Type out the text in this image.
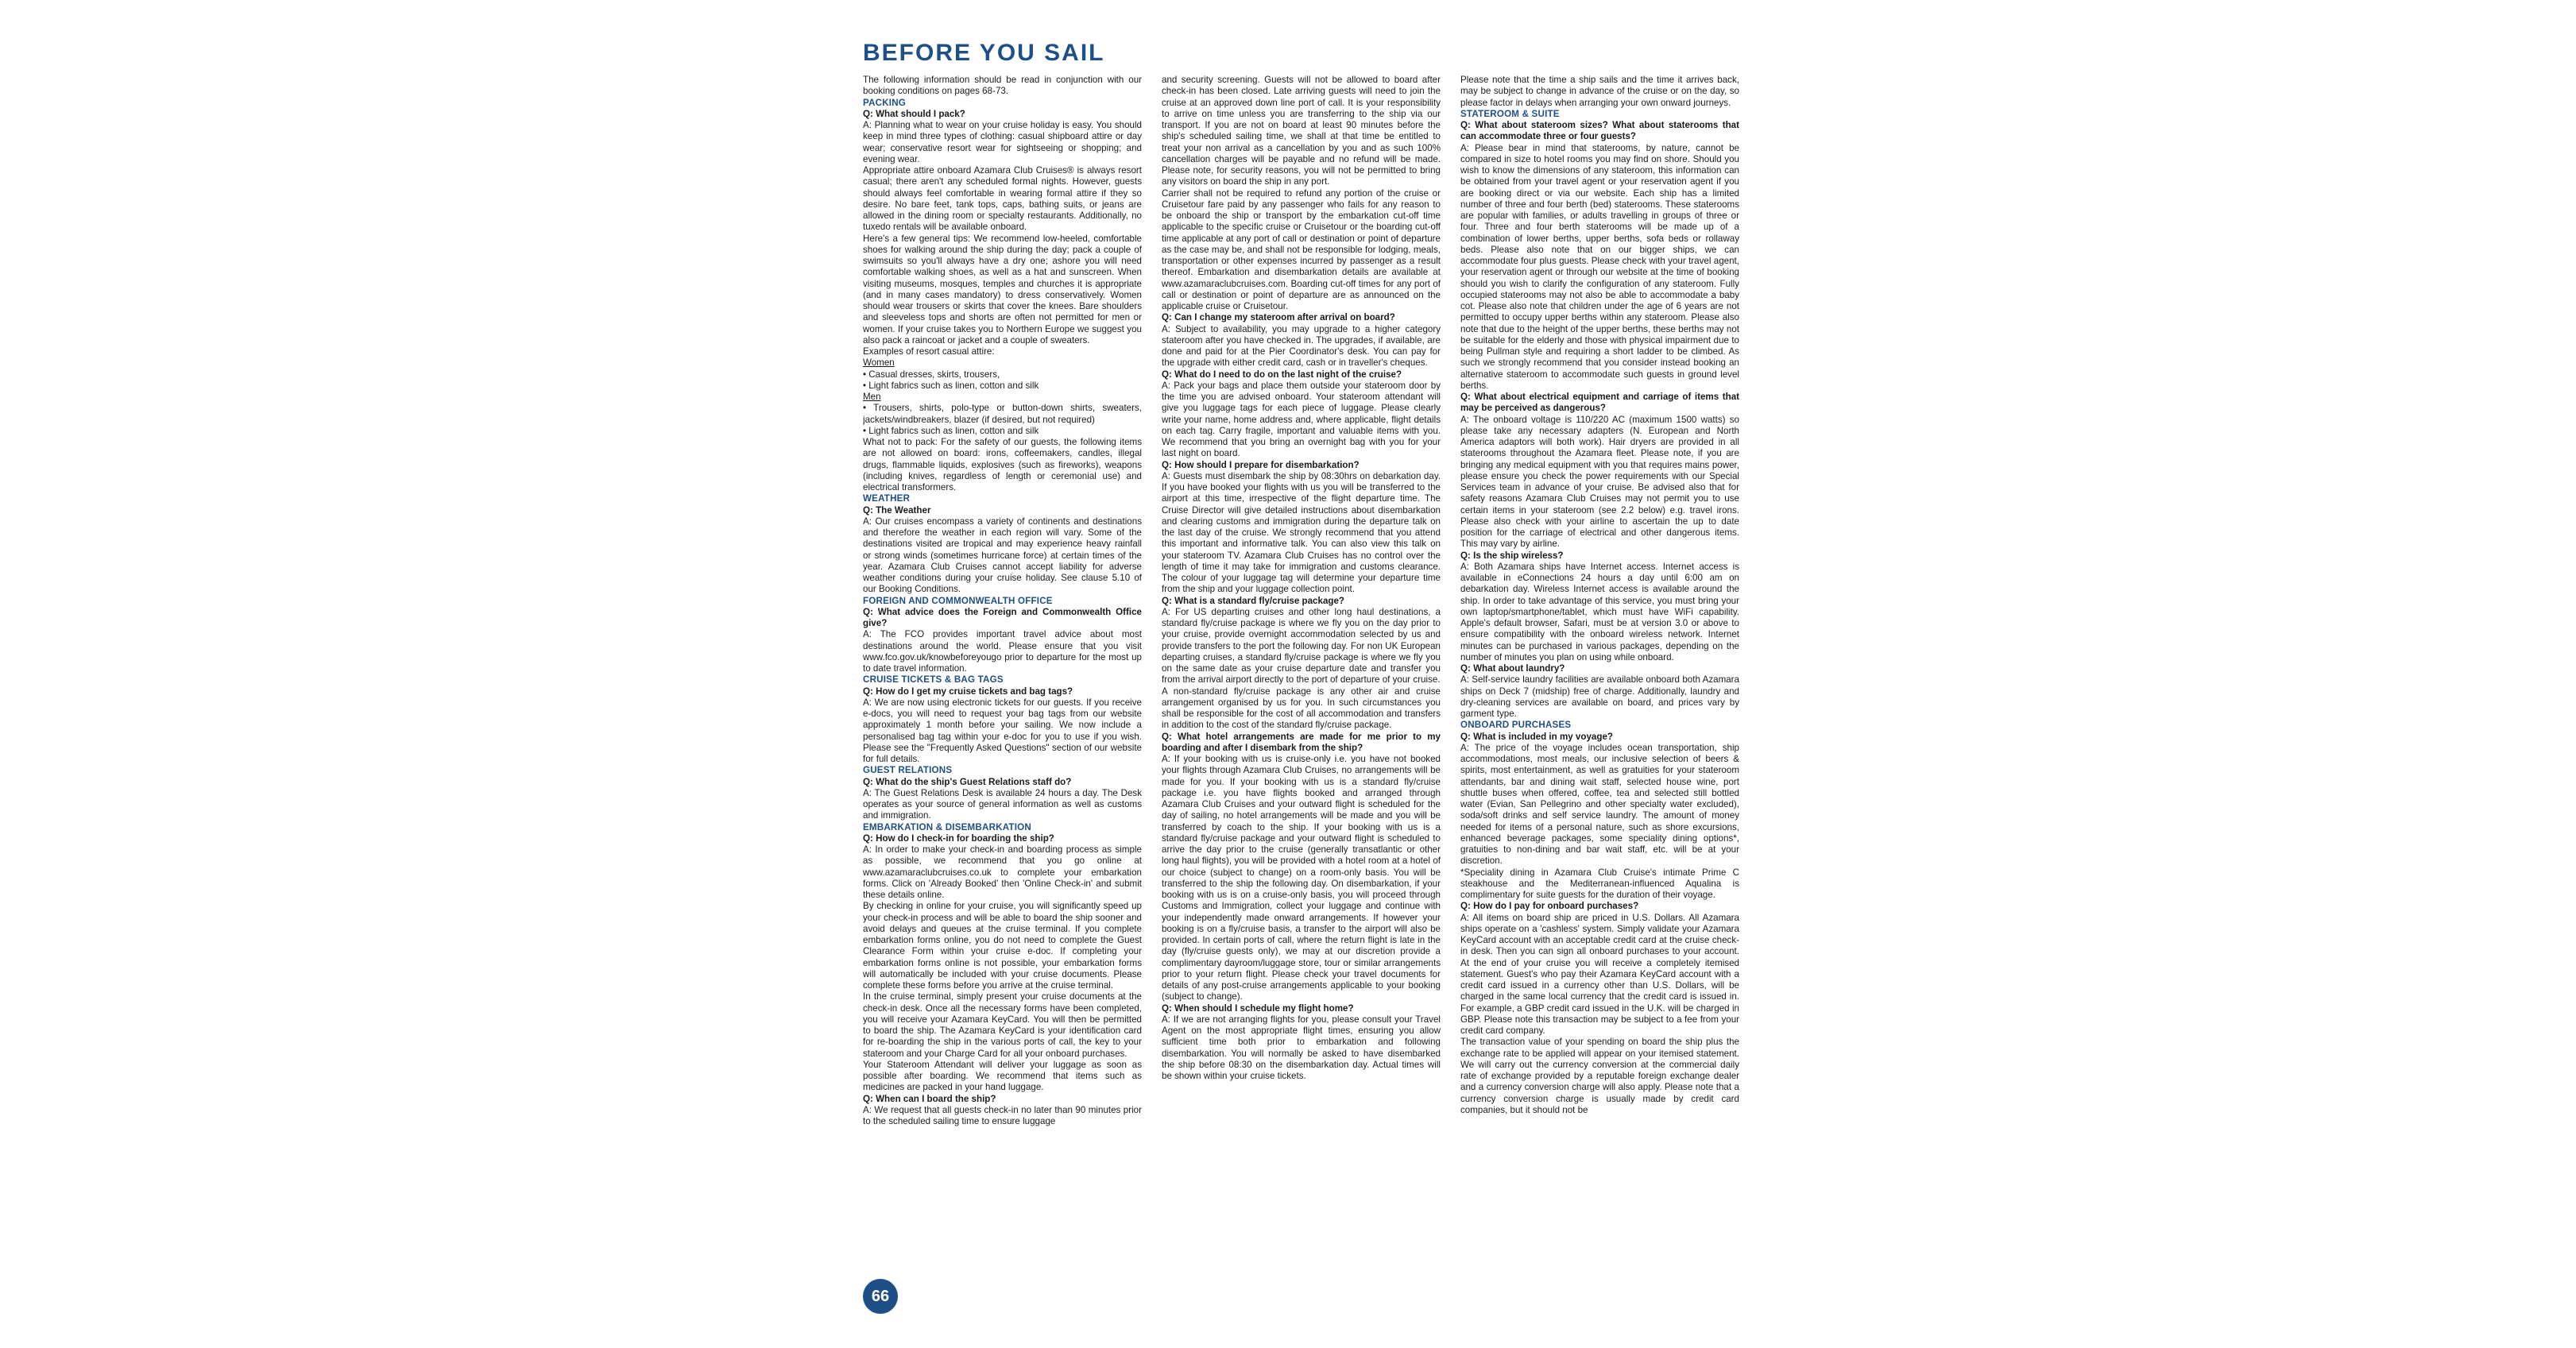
BEFORE YOU SAIL

The following information should be read in conjunction with our booking conditions on pages 68-73.

PACKING

Q: What should I pack?

A: Planning what to wear on your cruise holiday is easy. You should keep in mind three types of clothing: casual shipboard attire or day wear; conservative resort wear for sightseeing or shopping; and evening wear.

Appropriate attire onboard Azamara Club Cruises® is always resort casual; there aren't any scheduled formal nights. However, guests should always feel comfortable in wearing formal attire if they so desire. No bare feet, tank tops, caps, bathing suits, or jeans are allowed in the dining room or specialty restaurants. Additionally, no tuxedo rentals will be available onboard.

Here's a few general tips: We recommend low-heeled, comfortable shoes for walking around the ship during the day; pack a couple of swimsuits so you'll always have a dry one; ashore you will need comfortable walking shoes, as well as a hat and sunscreen. When visiting museums, mosques, temples and churches it is appropriate (and in many cases mandatory) to dress conservatively. Women should wear trousers or skirts that cover the knees. Bare shoulders and sleeveless tops and shorts are often not permitted for men or women. If your cruise takes you to Northern Europe we suggest you also pack a raincoat or jacket and a couple of sweaters.

Examples of resort casual attire:

Women

• Casual dresses, skirts, trousers,

• Light fabrics such as linen, cotton and silk

Men

• Trousers, shirts, polo-type or button-down shirts, sweaters, jackets/windbreakers, blazer (if desired, but not required)

• Light fabrics such as linen, cotton and silk

What not to pack: For the safety of our guests, the following items are not allowed on board: irons, coffeemakers, candles, illegal drugs, flammable liquids, explosives (such as fireworks), weapons (including knives, regardless of length or ceremonial use) and electrical transformers.

WEATHER

Q: The Weather

A: Our cruises encompass a variety of continents and destinations and therefore the weather in each region will vary. Some of the destinations visited are tropical and may experience heavy rainfall or strong winds (sometimes hurricane force) at certain times of the year. Azamara Club Cruises cannot accept liability for adverse weather conditions during your cruise holiday. See clause 5.10 of our Booking Conditions.

FOREIGN AND COMMONWEALTH OFFICE

Q: What advice does the Foreign and Commonwealth Office give?

A: The FCO provides important travel advice about most destinations around the world. Please ensure that you visit www.fco.gov.uk/knowbeforeyougo prior to departure for the most up to date travel information.

CRUISE TICKETS & BAG TAGS

Q: How do I get my cruise tickets and bag tags?

A: We are now using electronic tickets for our guests. If you receive e-docs, you will need to request your bag tags from our website approximately 1 month before your sailing. We now include a personalised bag tag within your e-doc for you to use if you wish. Please see the "Frequently Asked Questions" section of our website for full details.

GUEST RELATIONS

Q: What do the ship's Guest Relations staff do?

A: The Guest Relations Desk is available 24 hours a day. The Desk operates as your source of general information as well as customs and immigration.

EMBARKATION & DISEMBARKATION

Q: How do I check-in for boarding the ship?

A: In order to make your check-in and boarding process as simple as possible, we recommend that you go online at www.azamaraclubcruises.co.uk to complete your embarkation forms. Click on 'Already Booked' then 'Online Check-in' and submit these details online.

By checking in online for your cruise, you will significantly speed up your check-in process and will be able to board the ship sooner and avoid delays and queues at the cruise terminal. If you complete embarkation forms online, you do not need to complete the Guest Clearance Form within your cruise e-doc. If completing your embarkation forms online is not possible, your embarkation forms will automatically be included with your cruise documents. Please complete these forms before you arrive at the cruise terminal.

In the cruise terminal, simply present your cruise documents at the check-in desk. Once all the necessary forms have been completed, you will receive your Azamara KeyCard. You will then be permitted to board the ship. The Azamara KeyCard is your identification card for re-boarding the ship in the various ports of call, the key to your stateroom and your Charge Card for all your onboard purchases.

Your Stateroom Attendant will deliver your luggage as soon as possible after boarding. We recommend that items such as medicines are packed in your hand luggage.

Q: When can I board the ship?

A: We request that all guests check-in no later than 90 minutes prior to the scheduled sailing time to ensure luggage

and security screening. Guests will not be allowed to board after check-in has been closed. Late arriving guests will need to join the cruise at an approved down line port of call. It is your responsibility to arrive on time unless you are transferring to the ship via our transport. If you are not on board at least 90 minutes before the ship's scheduled sailing time, we shall at that time be entitled to treat your non arrival as a cancellation by you and as such 100% cancellation charges will be payable and no refund will be made. Please note, for security reasons, you will not be permitted to bring any visitors on board the ship in any port.

Carrier shall not be required to refund any portion of the cruise or Cruisetour fare paid by any passenger who fails for any reason to be onboard the ship or transport by the embarkation cut-off time applicable to the specific cruise or Cruisetour or the boarding cut-off time applicable at any port of call or destination or point of departure as the case may be, and shall not be responsible for lodging, meals, transportation or other expenses incurred by passenger as a result thereof. Embarkation and disembarkation details are available at www.azamaraclubcruises.com. Boarding cut-off times for any port of call or destination or point of departure are as announced on the applicable cruise or Cruisetour.

Q: Can I change my stateroom after arrival on board?

A: Subject to availability, you may upgrade to a higher category stateroom after you have checked in. The upgrades, if available, are done and paid for at the Pier Coordinator's desk. You can pay for the upgrade with either credit card, cash or in traveller's cheques.

Q: What do I need to do on the last night of the cruise?

A: Pack your bags and place them outside your stateroom door by the time you are advised onboard. Your stateroom attendant will give you luggage tags for each piece of luggage. Please clearly write your name, home address and, where applicable, flight details on each tag. Carry fragile, important and valuable items with you. We recommend that you bring an overnight bag with you for your last night on board.

Q: How should I prepare for disembarkation?

A: Guests must disembark the ship by 08:30hrs on debarkation day. If you have booked your flights with us you will be transferred to the airport at this time, irrespective of the flight departure time. The Cruise Director will give detailed instructions about disembarkation and clearing customs and immigration during the departure talk on the last day of the cruise. We strongly recommend that you attend this important and informative talk. You can also view this talk on your stateroom TV. Azamara Club Cruises has no control over the length of time it may take for immigration and customs clearance. The colour of your luggage tag will determine your departure time from the ship and your luggage collection point.

Q: What is a standard fly/cruise package?

A: For US departing cruises and other long haul destinations, a standard fly/cruise package is where we fly you on the day prior to your cruise, provide overnight accommodation selected by us and provide transfers to the port the following day. For non UK European departing cruises, a standard fly/cruise package is where we fly you on the same date as your cruise departure date and transfer you from the arrival airport directly to the port of departure of your cruise.

A non-standard fly/cruise package is any other air and cruise arrangement organised by us for you. In such circumstances you shall be responsible for the cost of all accommodation and transfers in addition to the cost of the standard fly/cruise package.

Q: What hotel arrangements are made for me prior to my boarding and after I disembark from the ship?

A: If your booking with us is cruise-only i.e. you have not booked your flights through Azamara Club Cruises, no arrangements will be made for you. If your booking with us is a standard fly/cruise package i.e. you have flights booked and arranged through Azamara Club Cruises and your outward flight is scheduled for the day of sailing, no hotel arrangements will be made and you will be transferred by coach to the ship. If your booking with us is a standard fly/cruise package and your outward flight is scheduled to arrive the day prior to the cruise (generally transatlantic or other long haul flights), you will be provided with a hotel room at a hotel of our choice (subject to change) on a room-only basis. You will be transferred to the ship the following day. On disembarkation, if your booking with us is on a cruise-only basis, you will proceed through Customs and Immigration, collect your luggage and continue with your independently made onward arrangements. If however your booking is on a fly/cruise basis, a transfer to the airport will also be provided. In certain ports of call, where the return flight is late in the day (fly/cruise guests only), we may at our discretion provide a complimentary dayroom/luggage store, tour or similar arrangements prior to your return flight. Please check your travel documents for details of any post-cruise arrangements applicable to your booking (subject to change).

Q: When should I schedule my flight home?

A: If we are not arranging flights for you, please consult your Travel Agent on the most appropriate flight times, ensuring you allow sufficient time both prior to embarkation and following disembarkation. You will normally be asked to have disembarked the ship before 08:30 on the disembarkation day. Actual times will be shown within your cruise tickets.

Please note that the time a ship sails and the time it arrives back, may be subject to change in advance of the cruise or on the day, so please factor in delays when arranging your own onward journeys.

STATEROOM & SUITE

Q: What about stateroom sizes? What about staterooms that can accommodate three or four guests?

A: Please bear in mind that staterooms, by nature, cannot be compared in size to hotel rooms you may find on shore. Should you wish to know the dimensions of any stateroom, this information can be obtained from your travel agent or your reservation agent if you are booking direct or via our website. Each ship has a limited number of three and four berth (bed) staterooms. These staterooms are popular with families, or adults travelling in groups of three or four. Three and four berth staterooms will be made up of a combination of lower berths, upper berths, sofa beds or rollaway beds. Please also note that on our bigger ships, we can accommodate four plus guests. Please check with your travel agent, your reservation agent or through our website at the time of booking should you wish to clarify the configuration of any stateroom. Fully occupied staterooms may not also be able to accommodate a baby cot. Please also note that children under the age of 6 years are not permitted to occupy upper berths within any stateroom. Please also note that due to the height of the upper berths, these berths may not be suitable for the elderly and those with physical impairment due to being Pullman style and requiring a short ladder to be climbed. As such we strongly recommend that you consider instead booking an alternative stateroom to accommodate such guests in ground level berths.

Q: What about electrical equipment and carriage of items that may be perceived as dangerous?

A: The onboard voltage is 110/220 AC (maximum 1500 watts) so please take any necessary adapters (N. European and North America adaptors will both work). Hair dryers are provided in all staterooms throughout the Azamara fleet. Please note, if you are bringing any medical equipment with you that requires mains power, please ensure you check the power requirements with our Special Services team in advance of your cruise. Be advised also that for safety reasons Azamara Club Cruises may not permit you to use certain items in your stateroom (see 2.2 below) e.g. travel irons. Please also check with your airline to ascertain the up to date position for the carriage of electrical and other dangerous items. This may vary by airline.

Q: Is the ship wireless?

A: Both Azamara ships have Internet access. Internet access is available in eConnections 24 hours a day until 6:00 am on debarkation day. Wireless Internet access is available around the ship. In order to take advantage of this service, you must bring your own laptop/smartphone/tablet, which must have WiFi capability. Apple's default browser, Safari, must be at version 3.0 or above to ensure compatibility with the onboard wireless network. Internet minutes can be purchased in various packages, depending on the number of minutes you plan on using while onboard.

Q: What about laundry?

A: Self-service laundry facilities are available onboard both Azamara ships on Deck 7 (midship) free of charge. Additionally, laundry and dry-cleaning services are available on board, and prices vary by garment type.

ONBOARD PURCHASES

Q: What is included in my voyage?

A: The price of the voyage includes ocean transportation, ship accommodations, most meals, our inclusive selection of beers & spirits, most entertainment, as well as gratuities for your stateroom attendants, bar and dining wait staff, selected house wine, port shuttle buses when offered, coffee, tea and selected still bottled water (Evian, San Pellegrino and other specialty water excluded), soda/soft drinks and self service laundry. The amount of money needed for items of a personal nature, such as shore excursions, enhanced beverage packages, some speciality dining options*, gratuities to non-dining and bar wait staff, etc. will be at your discretion.

*Speciality dining in Azamara Club Cruise's intimate Prime C steakhouse and the Mediterranean-influenced Aqualina is complimentary for suite guests for the duration of their voyage.

Q: How do I pay for onboard purchases?

A: All items on board ship are priced in U.S. Dollars. All Azamara ships operate on a 'cashless' system. Simply validate your Azamara KeyCard account with an acceptable credit card at the cruise check-in desk. Then you can sign all onboard purchases to your account. At the end of your cruise you will receive a completely itemised statement. Guest's who pay their Azamara KeyCard account with a credit card issued in a currency other than U.S. Dollars, will be charged in the same local currency that the credit card is issued in. For example, a GBP credit card issued in the U.K. will be charged in GBP. Please note this transaction may be subject to a fee from your credit card company.

The transaction value of your spending on board the ship plus the exchange rate to be applied will appear on your itemised statement. We will carry out the currency conversion at the commercial daily rate of exchange provided by a reputable foreign exchange dealer and a currency conversion charge will also apply. Please note that a currency conversion charge is usually made by credit card companies, but it should not be

66
